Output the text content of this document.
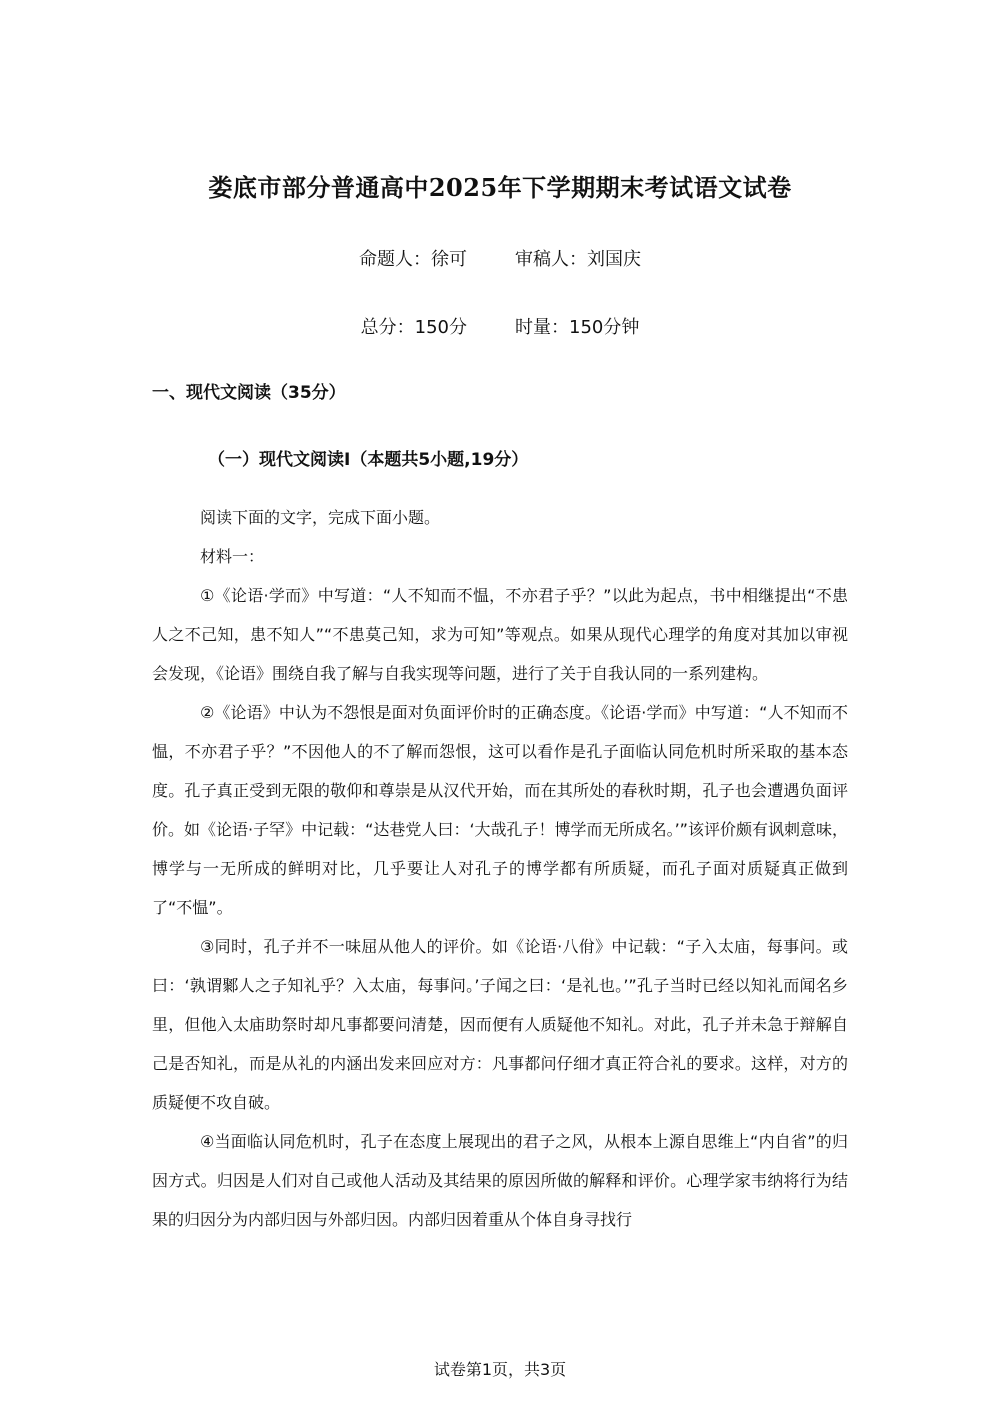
娄底市部分普通高中2025年下学期期末考试语文试卷
命题人：徐可	审稿人：刘国庆
总分：150分	时量：150分钟
一、现代文阅读（35分）
（一）现代文阅读I（本题共5小题,19分）

阅读下面的文字，完成下面小题。

材料一：

①《论语·学而》中写道：“人不知而不愠，不亦君子乎？”以此为起点，书中相继提出“不患人之不己知，患不知人”“不患莫己知，求为可知”等观点。如果从现代心理学的角度对其加以审视会发现，《论语》围绕自我了解与自我实现等问题，进行了关于自我认同的一系列建构。

②《论语》中认为不怨恨是面对负面评价时的正确态度。《论语·学而》中写道：“人不知而不愠，不亦君子乎？”不因他人的不了解而怨恨，这可以看作是孔子面临认同危机时所采取的基本态度。孔子真正受到无限的敬仰和尊崇是从汉代开始，而在其所处的春秋时期，孔子也会遭遇负面评价。如《论语·子罕》中记载：“达巷党人曰：‘大哉孔子！博学而无所成名。’”该评价颇有讽刺意味，博学与一无所成的鲜明对比，几乎要让人对孔子的博学都有所质疑，而孔子面对质疑真正做到了“不愠”。

③同时，孔子并不一味屈从他人的评价。如《论语·八佾》中记载：“子入太庙，每事问。或曰：‘孰谓鄹人之子知礼乎？入太庙，每事问。’子闻之曰：‘是礼也。’”孔子当时已经以知礼而闻名乡里，但他入太庙助祭时却凡事都要问清楚，因而便有人质疑他不知礼。对此，孔子并未急于辩解自己是否知礼，而是从礼的内涵出发来回应对方：凡事都问仔细才真正符合礼的要求。这样，对方的质疑便不攻自破。

④当面临认同危机时，孔子在态度上展现出的君子之风，从根本上源自思维上“内自省”的归因方式。归因是人们对自己或他人活动及其结果的原因所做的解释和评价。心理学家韦纳将行为结果的归因分为内部归因与外部归因。内部归因着重从个体自身寻找行

试卷第1页，共3页
